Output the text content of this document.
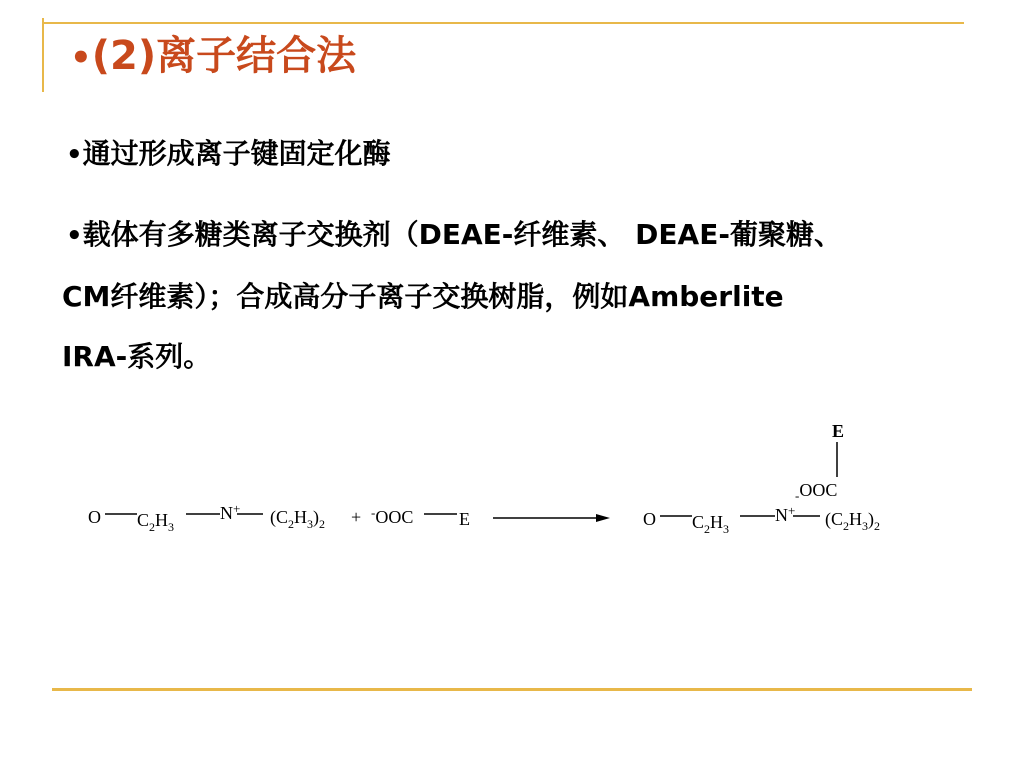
•(2)离子结合法
•通过形成离子键固定化酶
•载体有多糖类离子交换剂（DEAE-纤维素、 DEAE-葡聚糖、
CM纤维素）；合成高分子离子交换树脂，例如Amberlite
IRA-系列。
O $C_2H_3$
N+ $(C_2H_3)_2 + ^-OOC$	E
E
$_-$OOC
O $C_2H_3$
N+ $(C_2H_3)_2$
